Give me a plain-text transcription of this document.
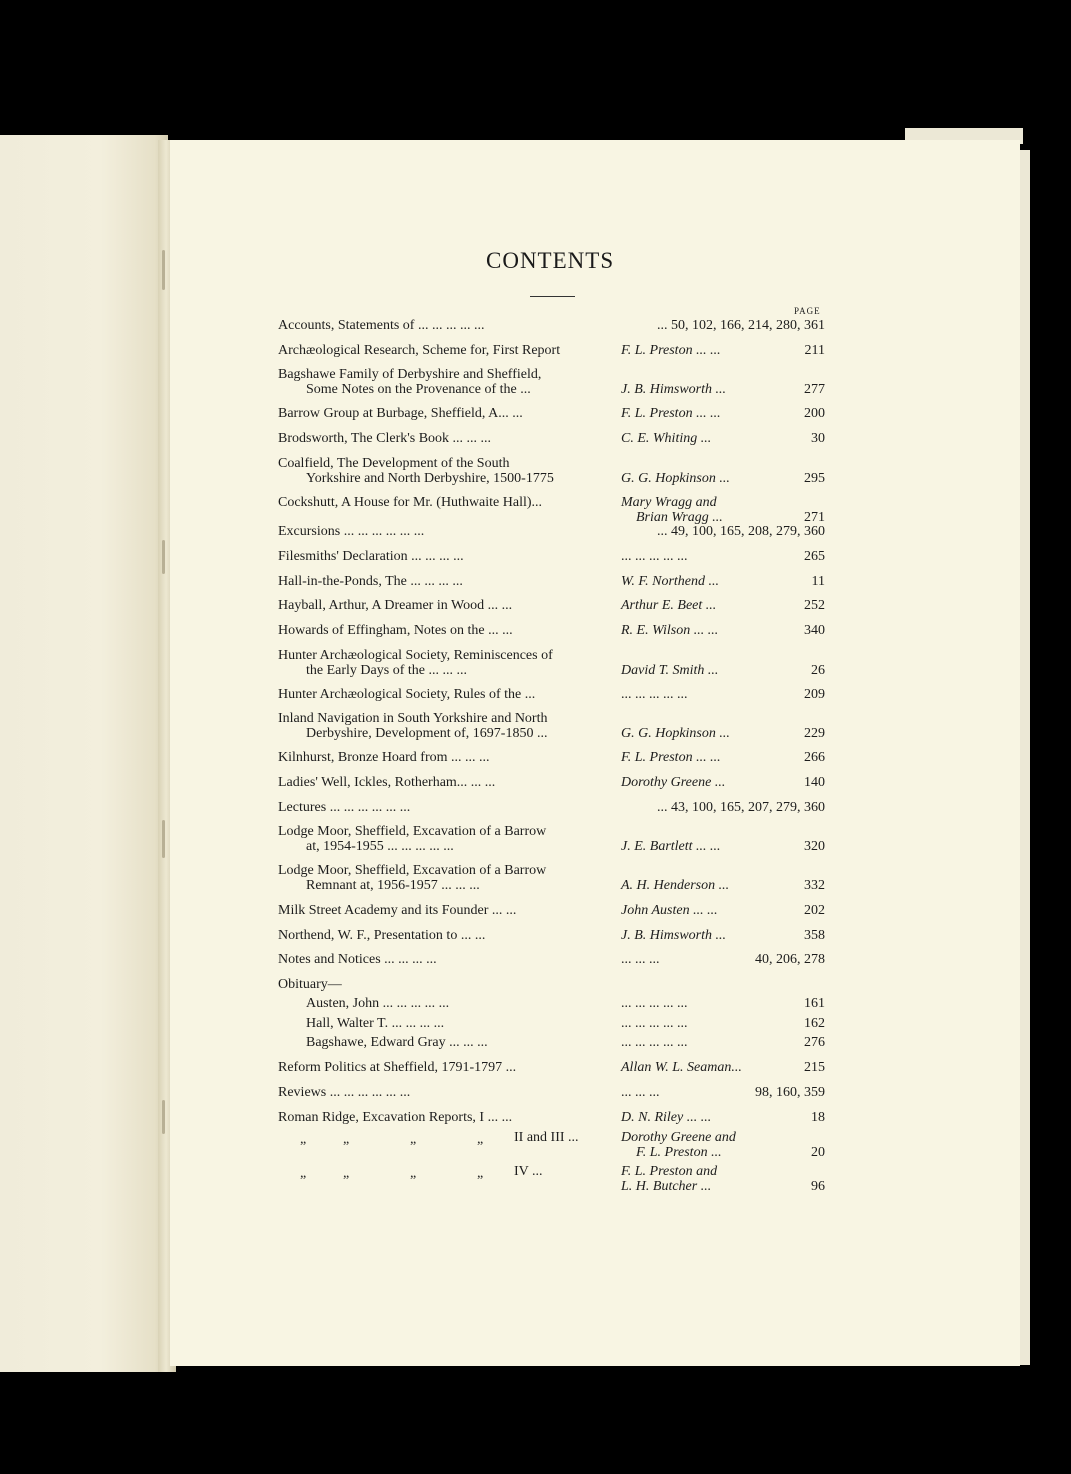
CONTENTS
PAGE
Accounts, Statements of ... ... ... ... ...	... 50, 102, 166, 214, 280, 361
Archæological Research, Scheme for, First Report	F. L. Preston ... ...	211
Bagshawe Family of Derbyshire and Sheffield,
Some Notes on the Provenance of the ...	J. B. Himsworth ...	277
Barrow Group at Burbage, Sheffield, A... ...	F. L. Preston ... ...	200
Brodsworth, The Clerk's Book ... ... ...	C. E. Whiting ...	30
Coalfield, The Development of the South
Yorkshire and North Derbyshire, 1500-1775	G. G. Hopkinson ...	295
Cockshutt, A House for Mr. (Huthwaite Hall)...	Mary Wragg and
Brian Wragg ...	271
Excursions ... ... ... ... ... ...	... 49, 100, 165, 208, 279, 360
Filesmiths' Declaration ... ... ... ...	... ... ... ... ...	265
Hall-in-the-Ponds, The ... ... ... ...	W. F. Northend ...	11
Hayball, Arthur, A Dreamer in Wood ... ...	Arthur E. Beet ...	252
Howards of Effingham, Notes on the ... ...	R. E. Wilson ... ...	340
Hunter Archæological Society, Reminiscences of
the Early Days of the ... ... ...	David T. Smith ...	26
Hunter Archæological Society, Rules of the ...	... ... ... ... ...	209
Inland Navigation in South Yorkshire and North
Derbyshire, Development of, 1697-1850 ...	G. G. Hopkinson ...	229
Kilnhurst, Bronze Hoard from ... ... ...	F. L. Preston ... ...	266
Ladies' Well, Ickles, Rotherham... ... ...	Dorothy Greene ...	140
Lectures ... ... ... ... ... ...	... 43, 100, 165, 207, 279, 360
Lodge Moor, Sheffield, Excavation of a Barrow
at, 1954-1955 ... ... ... ... ...	J. E. Bartlett ... ...	320
Lodge Moor, Sheffield, Excavation of a Barrow
Remnant at, 1956-1957 ... ... ...	A. H. Henderson ...	332
Milk Street Academy and its Founder ... ...	John Austen ... ...	202
Northend, W. F., Presentation to ... ...	J. B. Himsworth ...	358
Notes and Notices ... ... ... ...	... ... ...	40, 206, 278
Obituary—
Austen, John ... ... ... ... ...	... ... ... ... ...	161
Hall, Walter T. ... ... ... ...	... ... ... ... ...	162
Bagshawe, Edward Gray ... ... ...	... ... ... ... ...	276
Reform Politics at Sheffield, 1791-1797 ...	Allan W. L. Seaman...	215
Reviews ... ... ... ... ... ...	... ... ...	98, 160, 359
Roman Ridge, Excavation Reports, I ... ...	D. N. Riley ... ...	18
„	„	„	„ II and III ...	Dorothy Greene and
F. L. Preston ...	20
„	„	„	„ IV ...	F. L. Preston and
L. H. Butcher ...	96
